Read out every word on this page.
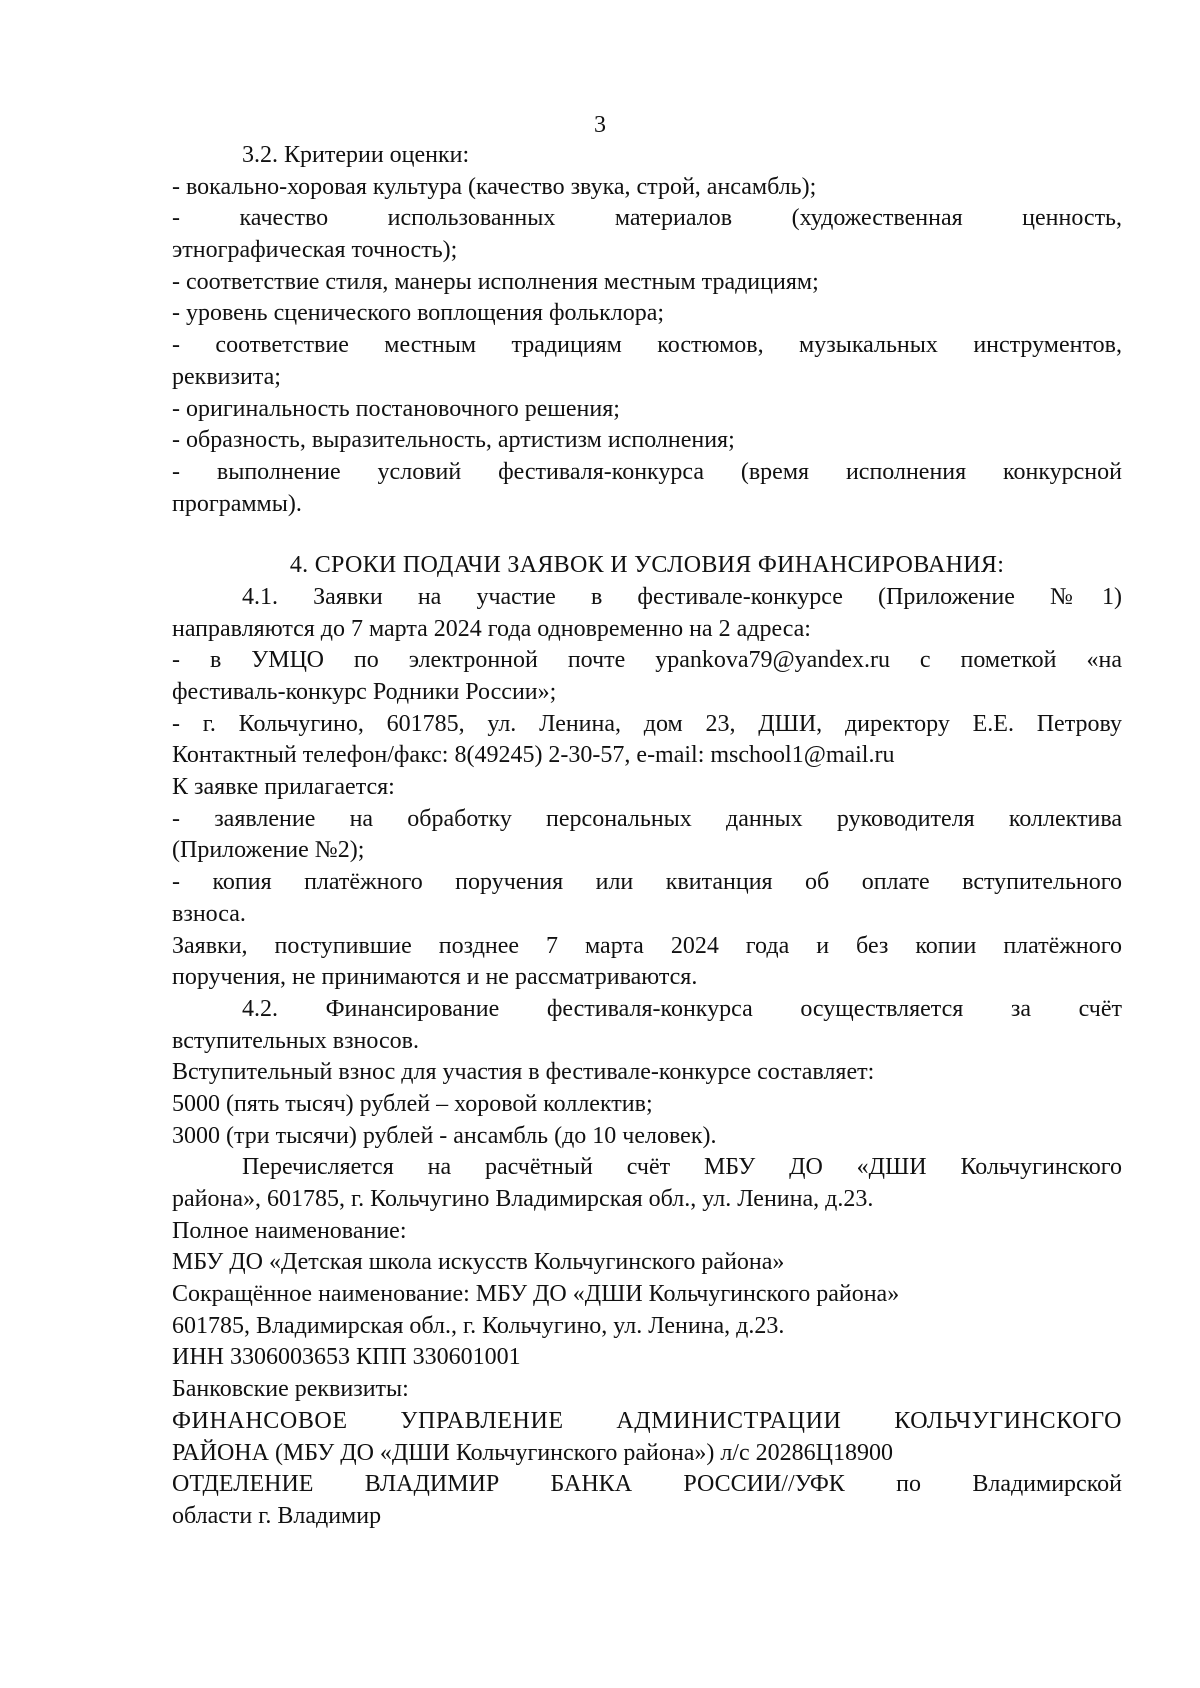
3
3.2. Критерии оценки:
- вокально-хоровая культура (качество звука, строй, ансамбль);
- качество использованных материалов (художественная ценность,
этнографическая точность);
- соответствие стиля, манеры исполнения местным традициям;
- уровень сценического воплощения фольклора;
- соответствие местным традициям костюмов, музыкальных инструментов,
реквизита;
- оригинальность постановочного решения;
- образность, выразительность, артистизм исполнения;
- выполнение условий фестиваля-конкурса (время исполнения конкурсной
программы).
4. СРОКИ ПОДАЧИ ЗАЯВОК И УСЛОВИЯ ФИНАНСИРОВАНИЯ:
4.1. Заявки на участие в фестивале-конкурсе (Приложение №1)
направляются до 7 марта 2024 года одновременно на 2 адреса:
- в УМЦО по электронной почте ypankova79@yandex.ru с пометкой «на
фестиваль-конкурс Родники России»;
- г. Кольчугино, 601785, ул. Ленина, дом 23, ДШИ, директору Е.Е. Петрову
Контактный телефон/факс: 8(49245) 2-30-57, e-mail: mschool1@mail.ru
К заявке прилагается:
- заявление на обработку персональных данных руководителя коллектива
(Приложение №2);
- копия платёжного поручения или квитанция об оплате вступительного
взноса.
Заявки, поступившие позднее 7 марта 2024 года и без копии платёжного
поручения, не принимаются и не рассматриваются.
4.2. Финансирование фестиваля-конкурса осуществляется за счёт
вступительных взносов.
Вступительный взнос для участия в фестивале-конкурсе составляет:
5000 (пять тысяч) рублей – хоровой коллектив;
3000 (три тысячи) рублей - ансамбль (до 10 человек).
Перечисляется на расчётный счёт МБУ ДО «ДШИ Кольчугинского
района», 601785, г. Кольчугино Владимирская обл., ул. Ленина, д.23.
Полное наименование:
МБУ ДО «Детская школа искусств Кольчугинского района»
Сокращённое наименование: МБУ ДО «ДШИ Кольчугинского района»
601785, Владимирская обл., г. Кольчугино, ул. Ленина, д.23.
ИНН 3306003653 КПП 330601001
Банковские реквизиты:
ФИНАНСОВОЕ УПРАВЛЕНИЕ АДМИНИСТРАЦИИ КОЛЬЧУГИНСКОГО
РАЙОНА (МБУ ДО «ДШИ Кольчугинского района») л/с 20286Ц18900
ОТДЕЛЕНИЕ ВЛАДИМИР БАНКА РОССИИ//УФК по Владимирской
области г. Владимир
